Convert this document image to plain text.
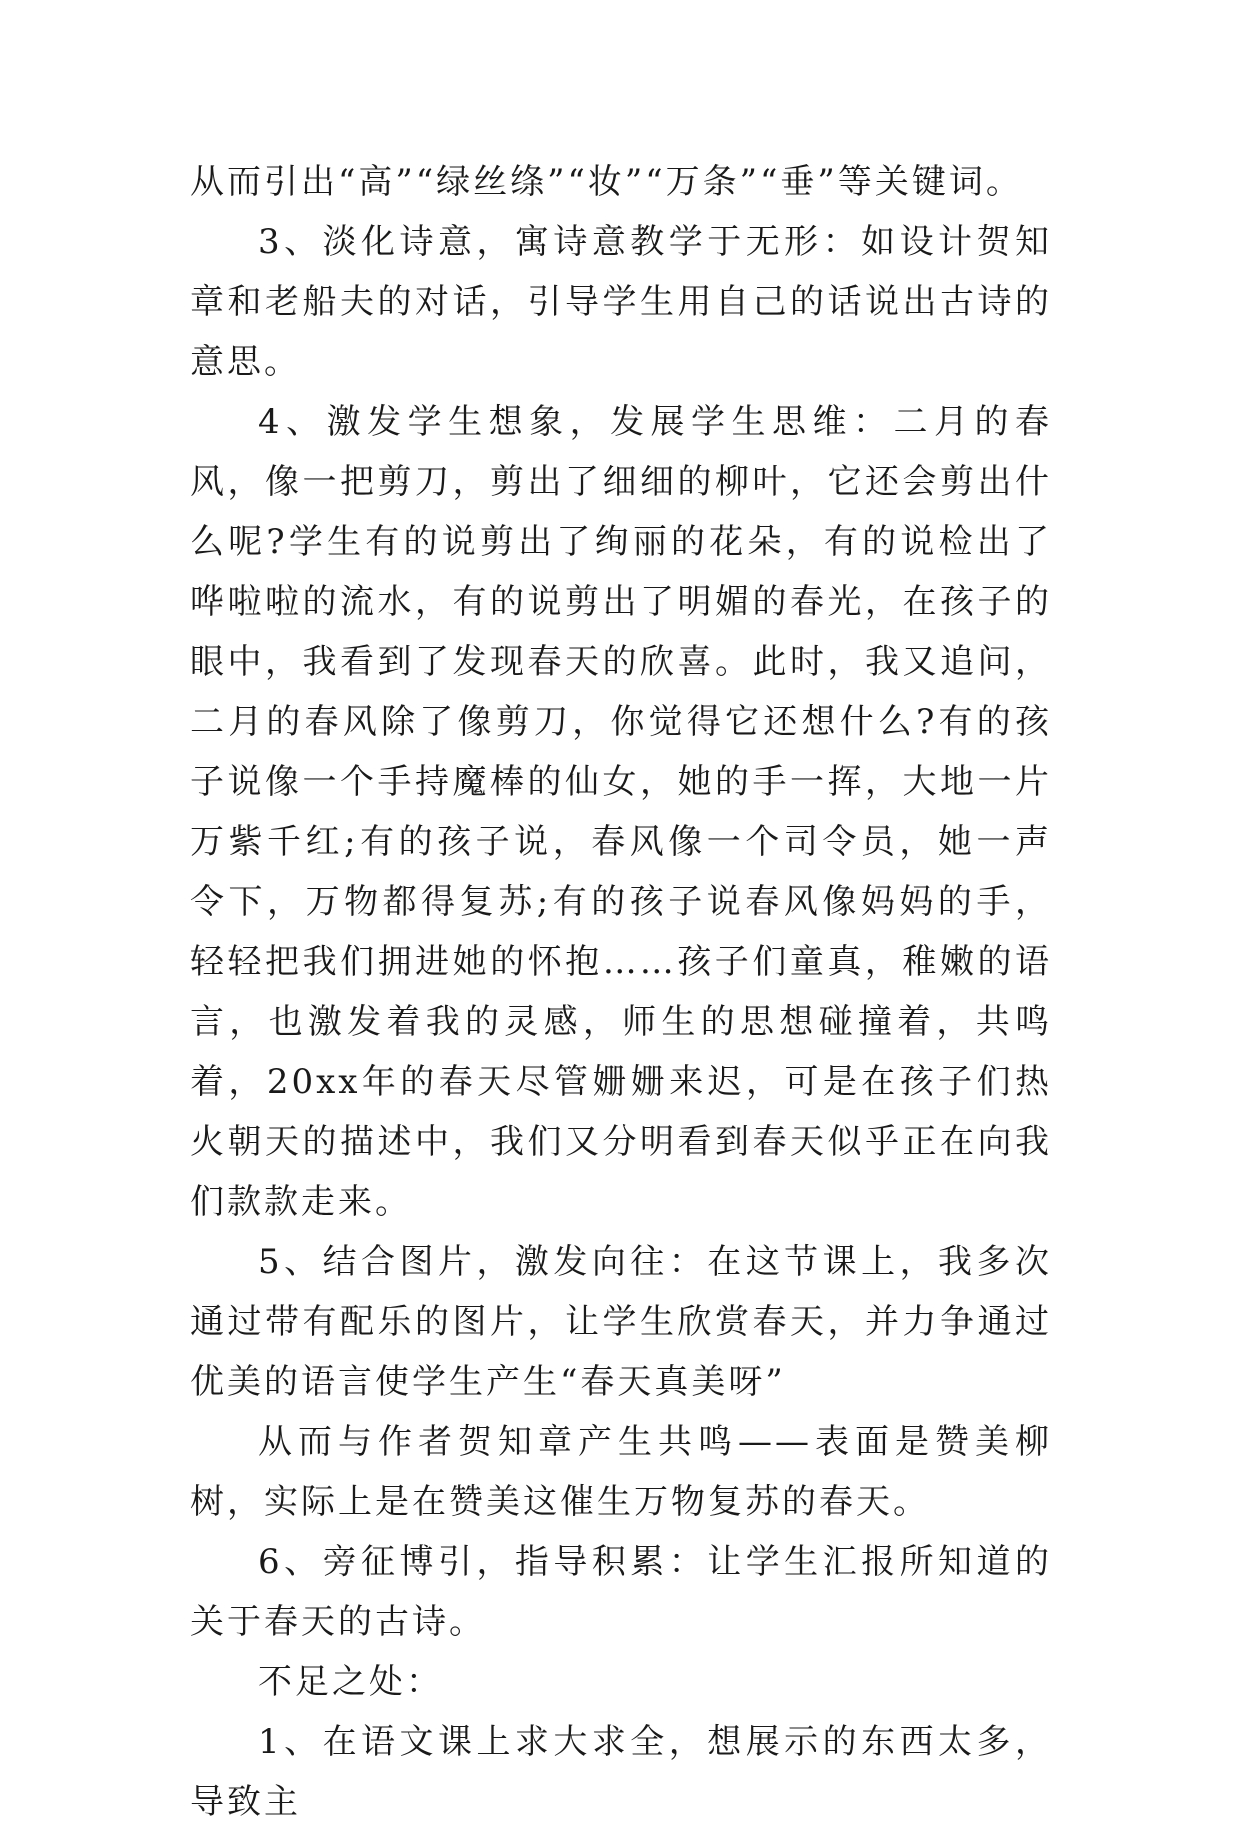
从而引出“高”“绿丝绦”“妆”“万条”“垂”等关键词。

3、淡化诗意，寓诗意教学于无形：如设计贺知章和老船夫的对话，引导学生用自己的话说出古诗的意思。

4、激发学生想象，发展学生思维：二月的春风，像一把剪刀，剪出了细细的柳叶，它还会剪出什么呢?学生有的说剪出了绚丽的花朵，有的说检出了哗啦啦的流水，有的说剪出了明媚的春光，在孩子的眼中，我看到了发现春天的欣喜。此时，我又追问，二月的春风除了像剪刀，你觉得它还想什么?有的孩子说像一个手持魔棒的仙女，她的手一挥，大地一片万紫千红;有的孩子说，春风像一个司令员，她一声令下，万物都得复苏;有的孩子说春风像妈妈的手，轻轻把我们拥进她的怀抱……孩子们童真，稚嫩的语言，也激发着我的灵感，师生的思想碰撞着，共鸣着，20xx年的春天尽管姗姗来迟，可是在孩子们热火朝天的描述中，我们又分明看到春天似乎正在向我们款款走来。

5、结合图片，激发向往：在这节课上，我多次通过带有配乐的图片，让学生欣赏春天，并力争通过优美的语言使学生产生“春天真美呀”

从而与作者贺知章产生共鸣——表面是赞美柳树，实际上是在赞美这催生万物复苏的春天。

6、旁征博引，指导积累：让学生汇报所知道的关于春天的古诗。

不足之处：

1、在语文课上求大求全，想展示的东西太多，导致主
